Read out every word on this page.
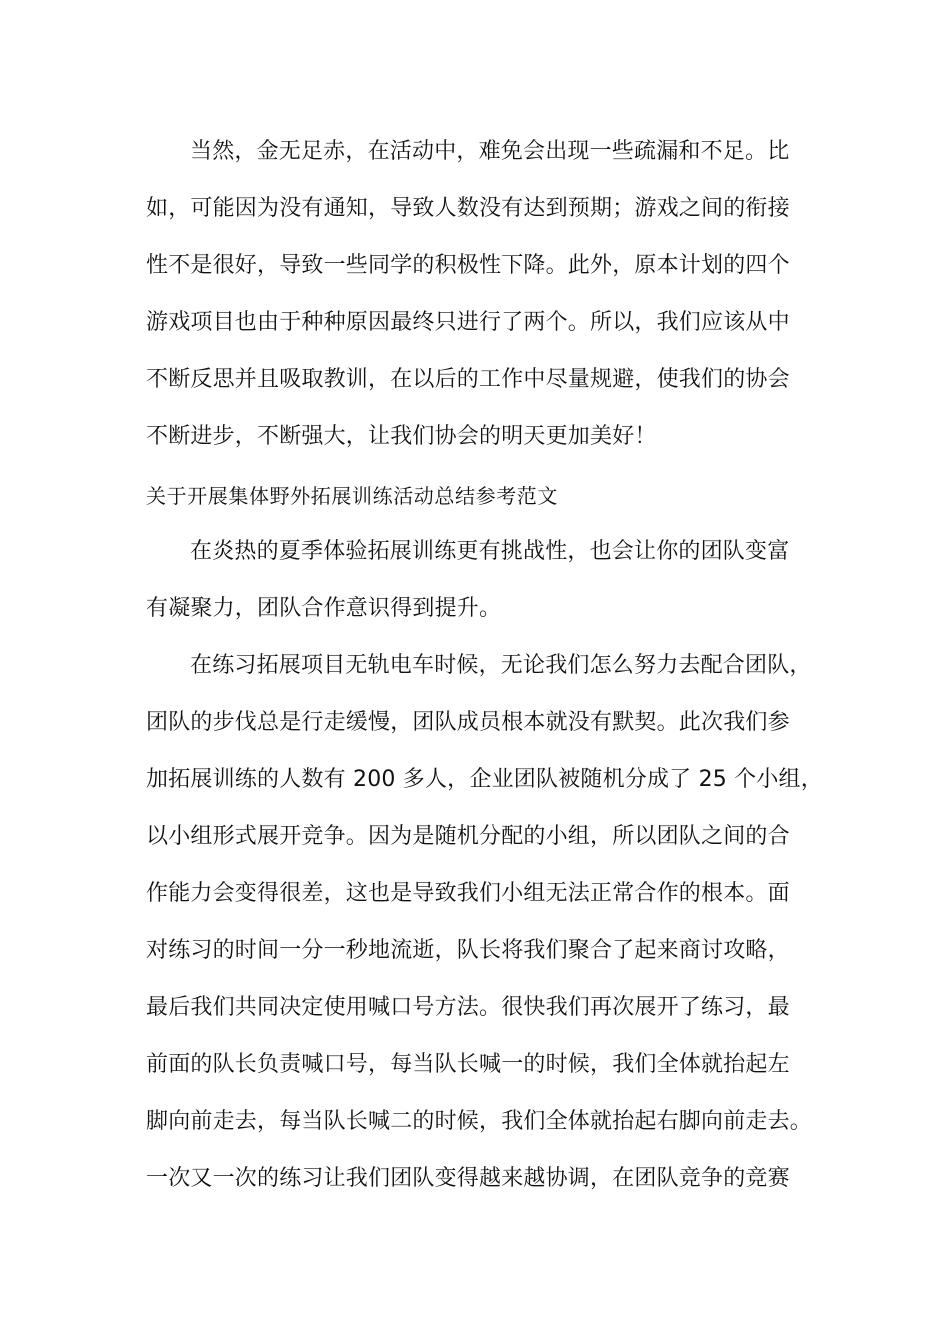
当然，金无足赤，在活动中，难免会出现一些疏漏和不足。比
如，可能因为没有通知，导致人数没有达到预期；游戏之间的衔接
性不是很好，导致一些同学的积极性下降。此外，原本计划的四个
游戏项目也由于种种原因最终只进行了两个。所以，我们应该从中
不断反思并且吸取教训，在以后的工作中尽量规避，使我们的协会
不断进步，不断强大，让我们协会的明天更加美好！
关于开展集体野外拓展训练活动总结参考范文
在炎热的夏季体验拓展训练更有挑战性，也会让你的团队变富
有凝聚力，团队合作意识得到提升。
在练习拓展项目无轨电车时候，无论我们怎么努力去配合团队，
团队的步伐总是行走缓慢，团队成员根本就没有默契。此次我们参
加拓展训练的人数有 200 多人，企业团队被随机分成了 25 个小组，
以小组形式展开竞争。因为是随机分配的小组，所以团队之间的合
作能力会变得很差，这也是导致我们小组无法正常合作的根本。面
对练习的时间一分一秒地流逝，队长将我们聚合了起来商讨攻略，
最后我们共同决定使用喊口号方法。很快我们再次展开了练习，最
前面的队长负责喊口号，每当队长喊一的时候，我们全体就抬起左
脚向前走去，每当队长喊二的时候，我们全体就抬起右脚向前走去。
一次又一次的练习让我们团队变得越来越协调，在团队竞争的竞赛
